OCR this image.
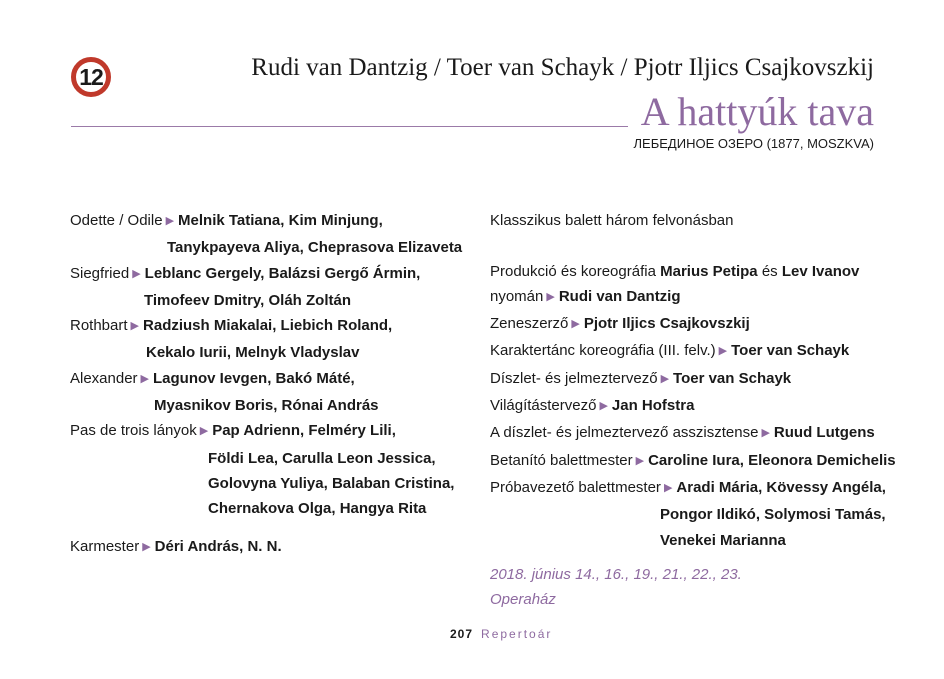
12	Rudi van Dantzig / Toer van Schayk / Pjotr Iljics Csajkovszkij
A hattyúk tava
ЛЕБЕДИНОЕ ОЗЕРО (1877, MOSZKVA)
Odette / Odile ▶ Melnik Tatiana, Kim Minjung,
Tanykpayeva Aliya, Cheprasova Elizaveta
Siegfried ▶ Leblanc Gergely, Balázsi Gergő Ármin,
Timofeev Dmitry, Oláh Zoltán
Rothbart ▶ Radziush Miakalai, Liebich Roland,
Kekalo Iurii, Melnyk Vladyslav
Alexander ▶ Lagunov Ievgen, Bakó Máté,
Myasnikov Boris, Rónai András
Pas de trois lányok ▶ Pap Adrienn, Felméry Lili,
Földi Lea, Carulla Leon Jessica,
Golovyna Yuliya, Balaban Cristina,
Chernakova Olga, Hangya Rita
Karmester ▶ Déri András, N. N.
Klasszikus balett három felvonásban
Produkció és koreográfia Marius Petipa és Lev Ivanov
nyomán ▶ Rudi van Dantzig
Zeneszerző ▶ Pjotr Iljics Csajkovszkij
Karaktertánc koreográfia (III. felv.) ▶ Toer van Schayk
Díszlet- és jelmeztervező ▶ Toer van Schayk
Világítástervező ▶ Jan Hofstra
A díszlet- és jelmeztervező asszisztense ▶ Ruud Lutgens
Betanító balettmester ▶ Caroline Iura, Eleonora Demichelis
Próbavezető balettmester ▶ Aradi Mária, Kövessy Angéla,
Pongor Ildikó, Solymosi Tamás,
Venekei Marianna
2018. június 14., 16., 19., 21., 22., 23.
Operaház
207 Repertoár
